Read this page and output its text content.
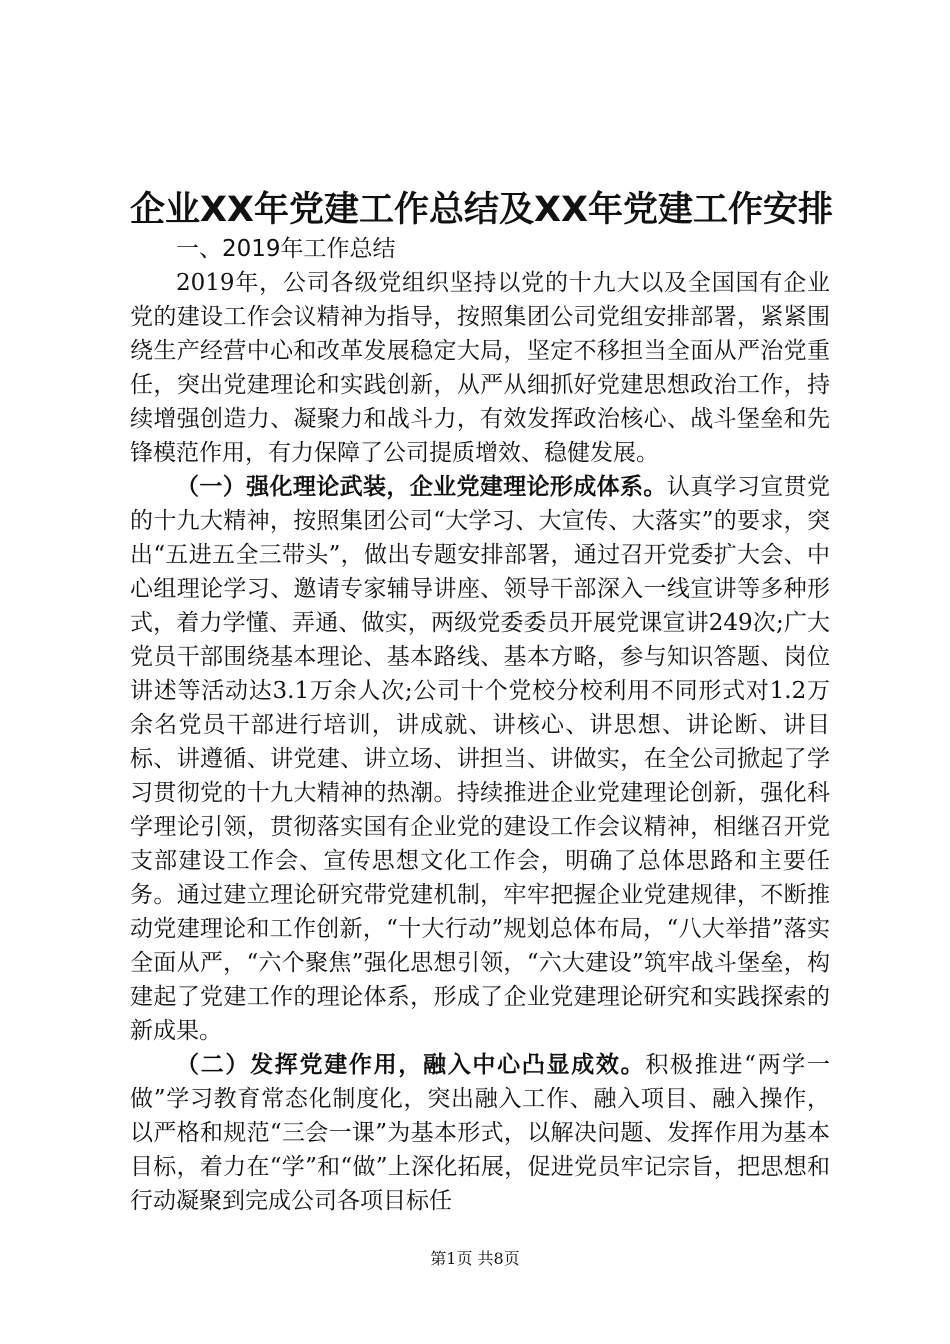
企业XX年党建工作总结及XX年党建工作安排

一、2019年工作总结

2019年，公司各级党组织坚持以党的十九大以及全国国有企业党的建设工作会议精神为指导，按照集团公司党组安排部署，紧紧围绕生产经营中心和改革发展稳定大局，坚定不移担当全面从严治党重任，突出党建理论和实践创新，从严从细抓好党建思想政治工作，持续增强创造力、凝聚力和战斗力，有效发挥政治核心、战斗堡垒和先锋模范作用，有力保障了公司提质增效、稳健发展。

（一）强化理论武装，企业党建理论形成体系。认真学习宣贯党的十九大精神，按照集团公司“大学习、大宣传、大落实”的要求，突出“五进五全三带头”，做出专题安排部署，通过召开党委扩大会、中心组理论学习、邀请专家辅导讲座、领导干部深入一线宣讲等多种形式，着力学懂、弄通、做实，两级党委委员开展党课宣讲249次;广大党员干部围绕基本理论、基本路线、基本方略，参与知识答题、岗位讲述等活动达3.1万余人次;公司十个党校分校利用不同形式对1.2万余名党员干部进行培训，讲成就、讲核心、讲思想、讲论断、讲目标、讲遵循、讲党建、讲立场、讲担当、讲做实，在全公司掀起了学习贯彻党的十九大精神的热潮。持续推进企业党建理论创新，强化科学理论引领，贯彻落实国有企业党的建设工作会议精神，相继召开党支部建设工作会、宣传思想文化工作会，明确了总体思路和主要任务。通过建立理论研究带党建机制，牢牢把握企业党建规律，不断推动党建理论和工作创新，“十大行动”规划总体布局，“八大举措”落实全面从严，“六个聚焦”强化思想引领，“六大建设”筑牢战斗堡垒，构建起了党建工作的理论体系，形成了企业党建理论研究和实践探索的新成果。

（二）发挥党建作用，融入中心凸显成效。积极推进“两学一做”学习教育常态化制度化，突出融入工作、融入项目、融入操作，以严格和规范“三会一课”为基本形式，以解决问题、发挥作用为基本目标，着力在“学”和“做”上深化拓展，促进党员牢记宗旨，把思想和行动凝聚到完成公司各项目标任

第1页 共8页
